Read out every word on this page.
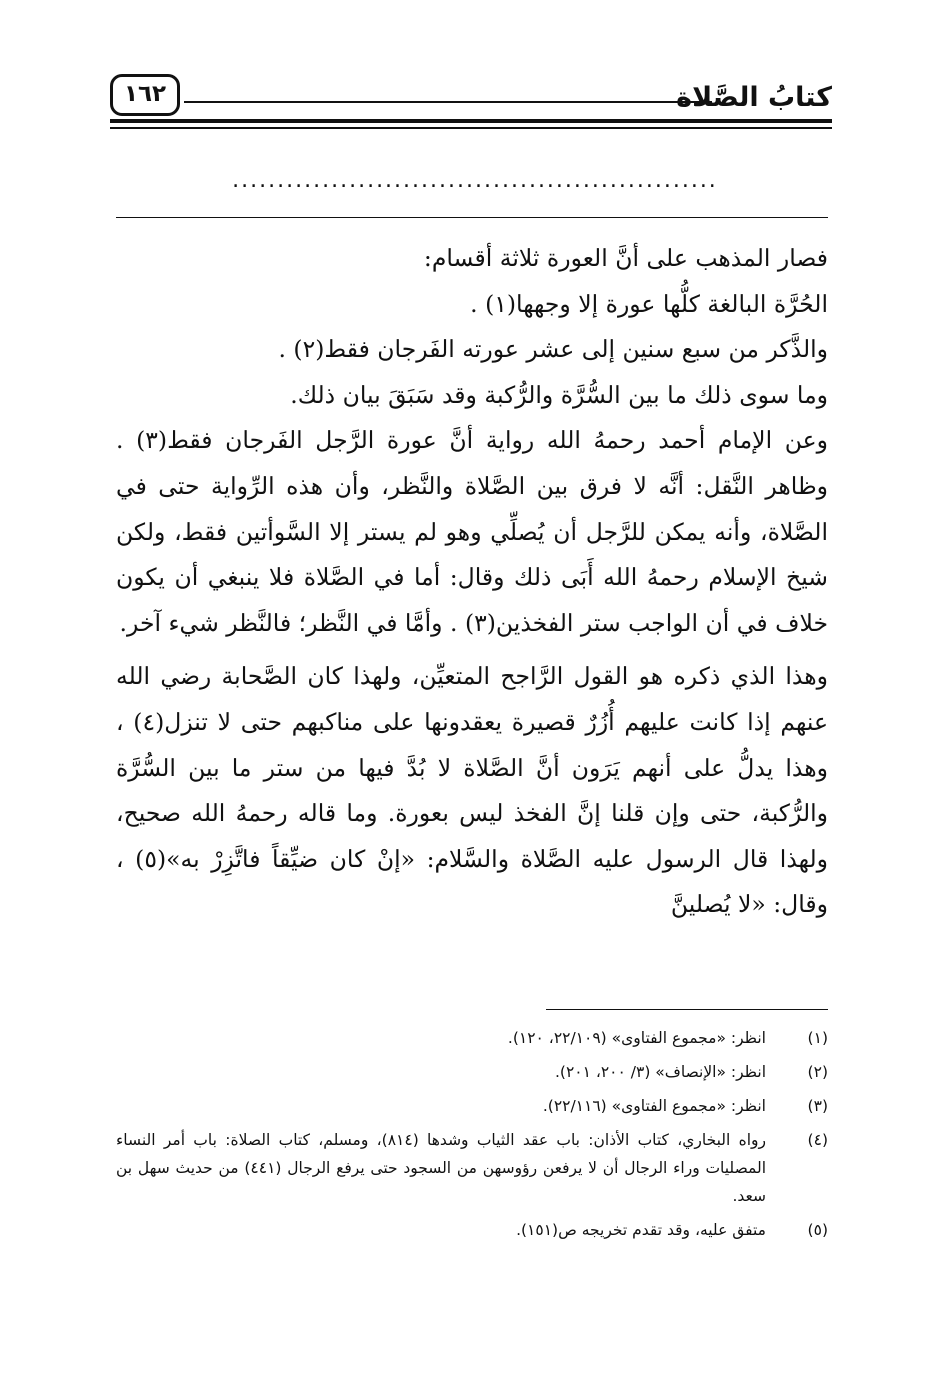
١٦٢	كتابُ الصَّلاة
......................................................

فصار المذهب على أنَّ العورة ثلاثة أقسام:

الحُرَّة البالغة كلُّها عورة إلا وجهها(١) .

والذَّكر من سبع سنين إلى عشر عورته الفَرجان فقط(٢) .

وما سوى ذلك ما بين السُّرَّة والرُّكبة وقد سَبَقَ بيان ذلك.

وعن الإمام أحمد رحمهُ الله رواية أنَّ عورة الرَّجل الفَرجان فقط(٣) . وظاهر النَّقل: أنَّه لا فرق بين الصَّلاة والنَّظر، وأن هذه الرِّواية حتى في الصَّلاة، وأنه يمكن للرَّجل أن يُصلِّي وهو لم يستر إلا السَّوأتين فقط، ولكن شيخ الإسلام رحمهُ الله أَبَى ذلك وقال: أما في الصَّلاة فلا ينبغي أن يكون خلاف في أن الواجب ستر الفخذين(٣) . وأمَّا في النَّظر؛ فالنَّظر شيء آخر.

وهذا الذي ذكره هو القول الرَّاجح المتعيِّن، ولهذا كان الصَّحابة رضي الله عنهم إذا كانت عليهم أُزُرٌ قصيرة يعقدونها على مناكبهم حتى لا تنزل(٤) ، وهذا يدلُّ على أنهم يَرَون أنَّ الصَّلاة لا بُدَّ فيها من ستر ما بين السُّرَّة والرُّكبة، حتى وإن قلنا إنَّ الفخذ ليس بعورة. وما قاله رحمهُ الله صحيح، ولهذا قال الرسول عليه الصَّلاة والسَّلام: «إنْ كان ضيِّقاً فاتَّزِرْ به»(٥) ، وقال: «لا يُصلينَّ

(١)
انظر: «مجموع الفتاوى» (٢٢/١٠٩، ١٢٠).
(٢)
انظر: «الإنصاف» (٣/ ٢٠٠، ٢٠١).
(٣)
انظر: «مجموع الفتاوى» (٢٢/١١٦).
(٤)
رواه البخاري، كتاب الأذان: باب عقد الثياب وشدها (٨١٤)، ومسلم، كتاب الصلاة: باب أمر النساء المصليات وراء الرجال أن لا يرفعن رؤوسهن من السجود حتى يرفع الرجال (٤٤١) من حديث سهل بن سعد.
(٥)
متفق عليه، وقد تقدم تخريجه ص(١٥١).
